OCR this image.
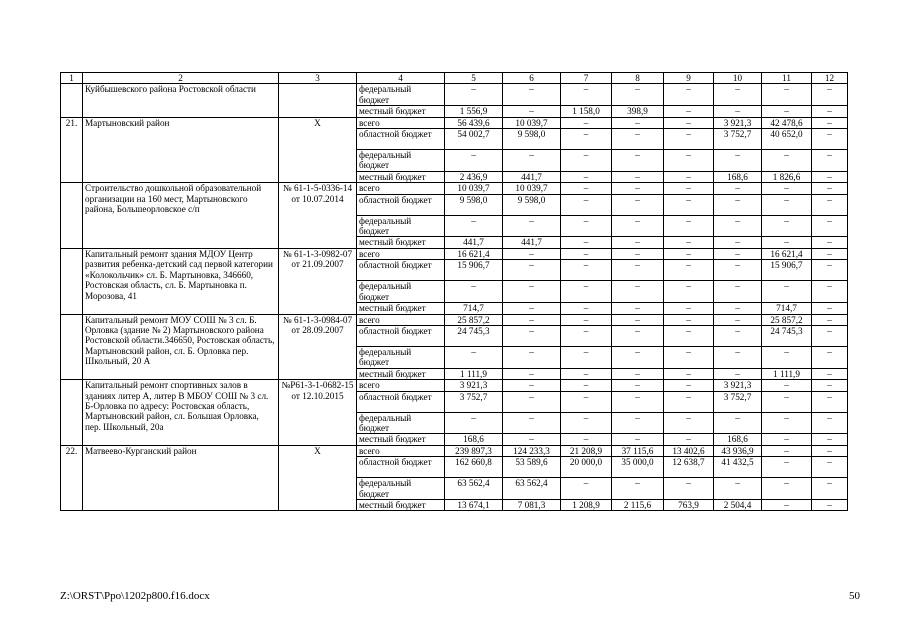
1	2	3	4	5	6	7	8	9	10	11	12
	Куйбышевского района Ростовской области		федеральный бюджет	–	–	–	–	–	–	–	–
			местный бюджет	1 556,9	–	1 158,0	398,9	–	–	–	–
21.	Мартыновский район	Х	всего	56 439,6	10 039,7	–	–	–	3 921,3	42 478,6	–
			областной бюджет	54 002,7	9 598,0	–	–	–	3 752,7	40 652,0	–
			федеральный бюджет	–	–	–	–	–	–	–	–
			местный бюджет	2 436,9	441,7	–	–	–	168,6	1 826,6	–
	Строительство дошкольной образовательной организации на 160 мест, Мартыновского района, Большеорловское с/п	№ 61-1-5-0336-14 от 10.07.2014	всего	10 039,7	10 039,7	–	–	–	–	–	–
			областной бюджет	9 598,0	9 598,0	–	–	–	–	–	–
			федеральный бюджет	–	–	–	–	–	–	–	–
			местный бюджет	441,7	441,7	–	–	–	–	–	–
	Капитальный ремонт здания МДОУ Центр развития ребенка-детский сад первой категории «Колокольчик» сл. Б. Мартыновка, 346660, Ростовская область, сл. Б. Мартыновка п. Морозова, 41	№ 61-1-3-0982-07 от 21.09.2007	всего	16 621,4	–	–	–	–	–	16 621,4	–
			областной бюджет	15 906,7	–	–	–	–	–	15 906,7	–
			федеральный бюджет	–	–	–	–	–	–	–	–
			местный бюджет	714,7	–	–	–	–	–	714,7	–
	Капитальный ремонт МОУ СОШ № 3 сл. Б. Орловка (здание № 2) Мартыновского района Ростовской области.346650, Ростовская область, Мартыновский район, сл. Б. Орловка пер. Школьный, 20 А	№ 61-1-3-0984-07 от 28.09.2007	всего	25 857,2	–	–	–	–	–	25 857,2	–
			областной бюджет	24 745,3	–	–	–	–	–	24 745,3	–
			федеральный бюджет	–	–	–	–	–	–	–	–
			местный бюджет	1 111,9	–	–	–	–	–	1 111,9	–
	Капитальный ремонт спортивных залов в зданиях литер А, литер В МБОУ СОШ № 3 сл. Б-Орловка по адресу: Ростовская область, Мартыновский район, сл. Большая Орловка, пер. Школьный, 20а	№Р61-3-1-0682-15 от 12.10.2015	всего	3 921,3	–	–	–	–	3 921,3	–	–
			областной бюджет	3 752,7	–	–	–	–	3 752,7	–	–
			федеральный бюджет	–	–	–	–	–	–	–	–
			местный бюджет	168,6	–	–	–	–	168,6	–	–
22.	Матвеево-Курганский район	Х	всего	239 897,3	124 233,3	21 208,9	37 115,6	13 402,6	43 936,9	–	–
			областной бюджет	162 660,8	53 589,6	20 000,0	35 000,0	12 638,7	41 432,5	–	–
			федеральный бюджет	63 562,4	63 562,4	–	–	–	–	–	–
			местный бюджет	13 674,1	7 081,3	1 208,9	2 115,6	763,9	2 504,4	–	–
Z:\ORST\Ppo\1202p800.f16.docx	50
